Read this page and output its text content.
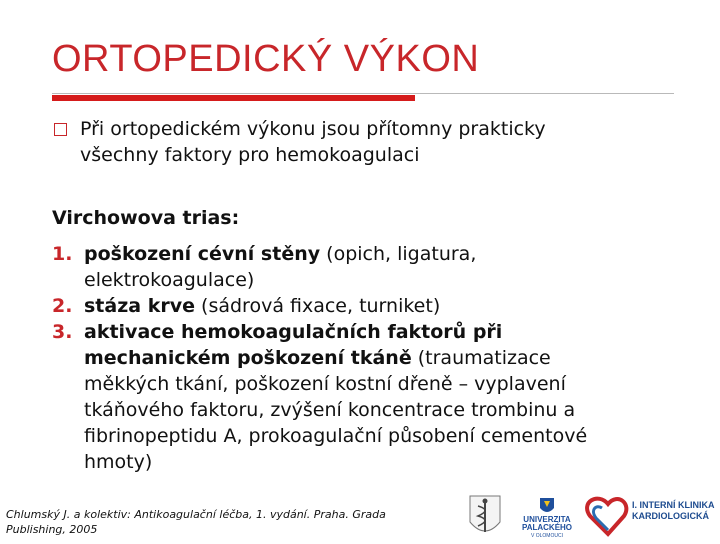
ORTOPEDICKÝ VÝKON
Při ortopedickém výkonu jsou přítomny prakticky
všechny faktory pro hemokoagulaci
Virchowova trias:
1. poškození cévní stěny (opich, ligatura,
elektrokoagulace)
2. stáza krve (sádrová fixace, turniket)
3. aktivace hemokoagulačních faktorů při
mechanickém poškození tkáně (traumatizace
měkkých tkání, poškození kostní dřeně – vyplavení
tkáňového faktoru, zvýšení koncentrace trombinu a
fibrinopeptidu A, prokoagulační působení cementové
hmoty)
Chlumský J. a kolektiv: Antikoagulační léčba, 1. vydání. Praha. Grada
Publishing, 2005
UNIVERZITA
PALACKÉHO
V OLOMOUCI
I. INTERNÍ KLINIKA
KARDIOLOGICKÁ
